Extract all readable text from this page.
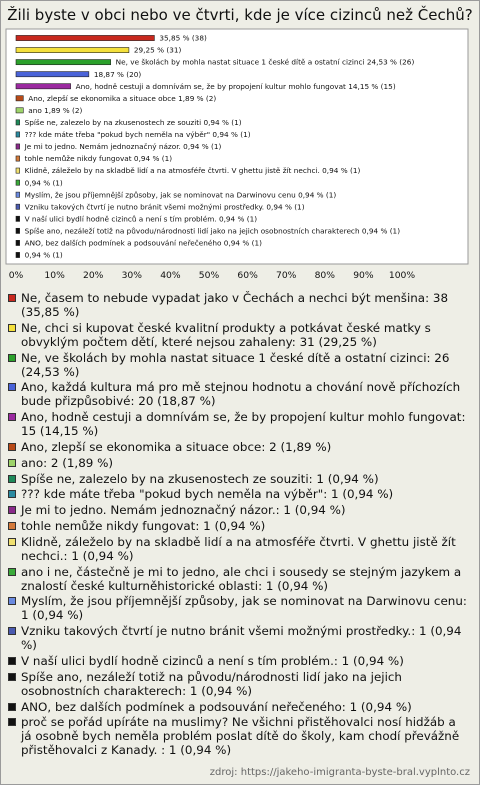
Žili byste v obci nebo ve čtvrti, kde je více cizinců než Čechů?
35,85 % (38)
29,25 % (31)
Ne, ve školách by mohla nastat situace 1 české dítě a ostatní cizinci 24,53 % (26)
18,87 % (20)
Ano, hodně cestuji a domnívám se, že by propojení kultur mohlo fungovat 14,15 % (15)
Ano, zlepší se ekonomika a situace obce 1,89 % (2)
ano 1,89 % (2)
Spíše ne, zalezelo by na zkusenostech ze souziti 0,94 % (1)
??? kde máte třeba "pokud bych neměla na výběr" 0,94 % (1)
Je mi to jedno. Nemám jednoznačný názor. 0,94 % (1)
tohle nemůže nikdy fungovat 0,94 % (1)
Klidně, záleželo by na skladbě lidí a na atmosféře čtvrti. V ghettu jistě žít nechci. 0,94 % (1)
0,94 % (1)
Myslím, že jsou příjemnější způsoby, jak se nominovat na Darwinovu cenu 0,94 % (1)
Vzniku takových čtvrtí je nutno bránit všemi možnými prostředky. 0,94 % (1)
V naší ulici bydlí hodně cizinců a není s tím problém. 0,94 % (1)
Spíše ano, nezáleží totiž na původu/národnosti lidí jako na jejich osobnostních charakterech 0,94 % (1)
ANO, bez dalších podmínek a podsouvání neřečeného 0,94 % (1)
0,94 % (1)
0% 10% 20% 30% 40% 50% 60% 70% 80% 90% 100%
Ne, časem to nebude vypadat jako v Čechách a nechci být menšina: 38 (35,85 %)
Ne, chci si kupovat české kvalitní produkty a potkávat české matky s obvyklým počtem dětí, které nejsou zahaleny: 31 (29,25 %)
Ne, ve školách by mohla nastat situace 1 české dítě a ostatní cizinci: 26 (24,53 %)
Ano, každá kultura má pro mě stejnou hodnotu a chování nově příchozích bude přizpůsobivé: 20 (18,87 %)
Ano, hodně cestuji a domnívám se, že by propojení kultur mohlo fungovat: 15 (14,15 %)
Ano, zlepší se ekonomika a situace obce: 2 (1,89 %)
ano: 2 (1,89 %)
Spíše ne, zalezelo by na zkusenostech ze souziti: 1 (0,94 %)
??? kde máte třeba "pokud bych neměla na výběr": 1 (0,94 %)
Je mi to jedno. Nemám jednoznačný názor.: 1 (0,94 %)
tohle nemůže nikdy fungovat: 1 (0,94 %)
Klidně, záleželo by na skladbě lidí a na atmosféře čtvrti. V ghettu jistě žít nechci.: 1 (0,94 %)
ano i ne, částečně je mi to jedno, ale chci i sousedy se stejným jazykem a znalostí české kulturněhistorické oblasti: 1 (0,94 %)
Myslím, že jsou příjemnější způsoby, jak se nominovat na Darwinovu cenu: 1 (0,94 %)
Vzniku takových čtvrtí je nutno bránit všemi možnými prostředky.: 1 (0,94 %)
V naší ulici bydlí hodně cizinců a není s tím problém.: 1 (0,94 %)
Spíše ano, nezáleží totiž na původu/národnosti lidí jako na jejich osobnostních charakterech: 1 (0,94 %)
ANO, bez dalších podmínek a podsouvání neřečeného: 1 (0,94 %)
proč se pořád upíráte na muslimy? Ne všichni přistěhovalci nosí hidžáb a já osobně bych neměla problém poslat dítě do školy, kam chodí převážně přistěhovalci z Kanady. : 1 (0,94 %)
zdroj: https://jakeho-imigranta-byste-bral.vyplnto.cz
